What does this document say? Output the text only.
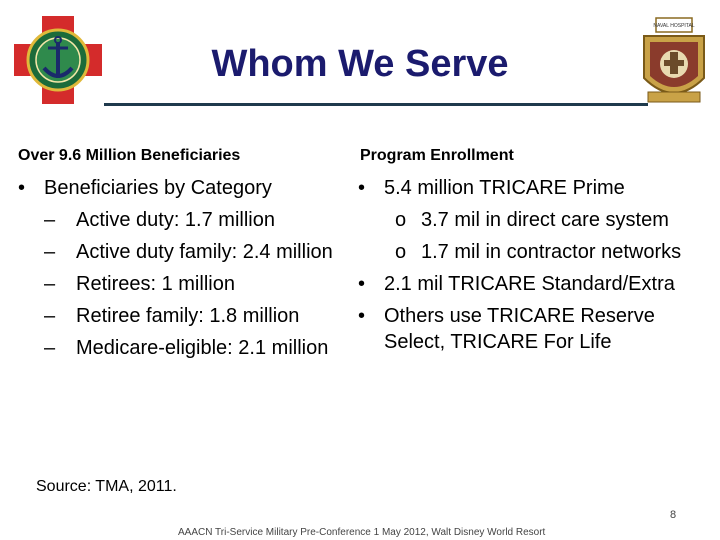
NAVAL HOSPITAL
Whom We Serve
Over 9.6 Million Beneficiaries	Program Enrollment
• Beneficiaries by Category
– Active duty: 1.7 million
– Active duty family: 2.4 million
– Retirees: 1 million
– Retiree family: 1.8 million
– Medicare-eligible: 2.1 million
• 5.4 million TRICARE Prime
o 3.7 mil in direct care system
o 1.7 mil in contractor networks
• 2.1 mil TRICARE Standard/Extra
• Others use TRICARE Reserve
Select, TRICARE For Life
Source: TMA, 2011.
8
AAACN Tri-Service Military Pre-Conference 1 May 2012, Walt Disney World Resort
